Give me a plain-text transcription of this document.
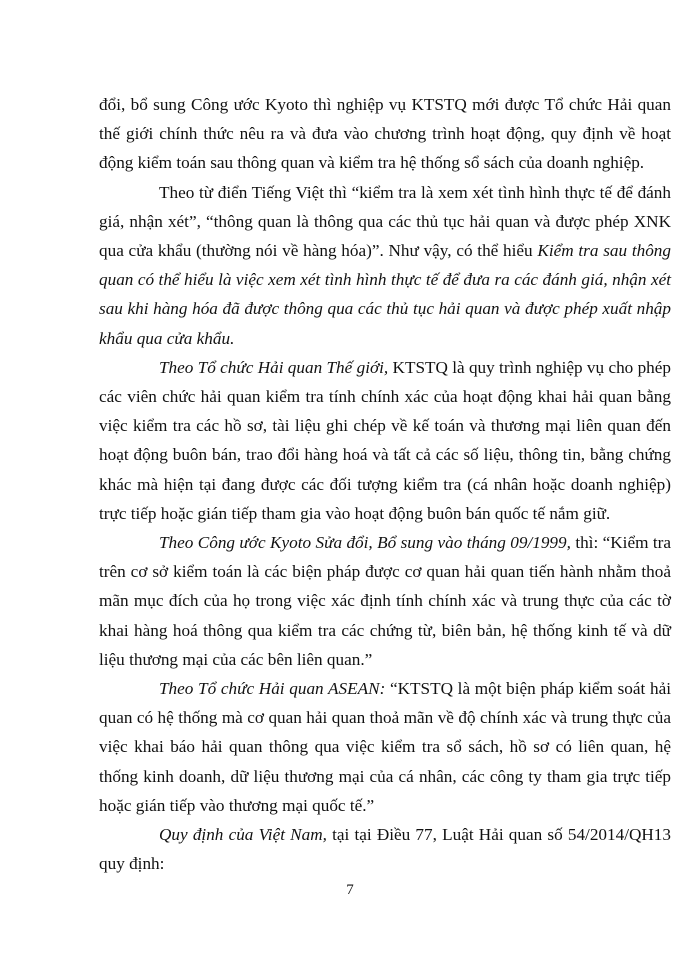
đổi, bổ sung Công ước Kyoto thì nghiệp vụ KTSTQ mới được Tổ chức Hải quan thế giới chính thức nêu ra và đưa vào chương trình hoạt động, quy định về hoạt động kiểm toán sau thông quan và kiểm tra hệ thống sổ sách của doanh nghiệp.

Theo từ điển Tiếng Việt thì “kiểm tra là xem xét tình hình thực tế để đánh giá, nhận xét”, “thông quan là thông qua các thủ tục hải quan và được phép XNK qua cửa khẩu (thường nói về hàng hóa)”. Như vậy, có thể hiểu Kiểm tra sau thông quan có thể hiểu là việc xem xét tình hình thực tế để đưa ra các đánh giá, nhận xét sau khi hàng hóa đã được thông qua các thủ tục hải quan và được phép xuất nhập khẩu qua cửa khẩu.

Theo Tổ chức Hải quan Thế giới, KTSTQ là quy trình nghiệp vụ cho phép các viên chức hải quan kiểm tra tính chính xác của hoạt động khai hải quan bằng việc kiểm tra các hồ sơ, tài liệu ghi chép về kế toán và thương mại liên quan đến hoạt động buôn bán, trao đổi hàng hoá và tất cả các số liệu, thông tin, bằng chứng khác mà hiện tại đang được các đối tượng kiểm tra (cá nhân hoặc doanh nghiệp) trực tiếp hoặc gián tiếp tham gia vào hoạt động buôn bán quốc tế nắm giữ.

Theo Công ước Kyoto Sửa đổi, Bổ sung vào tháng 09/1999, thì: “Kiểm tra trên cơ sở kiểm toán là các biện pháp được cơ quan hải quan tiến hành nhằm thoả mãn mục đích của họ trong việc xác định tính chính xác và trung thực của các tờ khai hàng hoá thông qua kiểm tra các chứng từ, biên bản, hệ thống kinh tế và dữ liệu thương mại của các bên liên quan.”

Theo Tổ chức Hải quan ASEAN: “KTSTQ là một biện pháp kiểm soát hải quan có hệ thống mà cơ quan hải quan thoả mãn về độ chính xác và trung thực của việc khai báo hải quan thông qua việc kiểm tra sổ sách, hồ sơ có liên quan, hệ thống kinh doanh, dữ liệu thương mại của cá nhân, các công ty tham gia trực tiếp hoặc gián tiếp vào thương mại quốc tế.”

Quy định của Việt Nam, tại tại Điều 77, Luật Hải quan số 54/2014/QH13 quy định:

7
